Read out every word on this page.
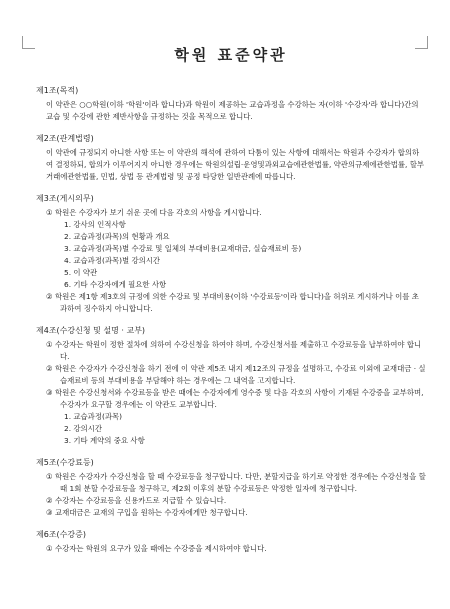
학원 표준약관
제1조(목적)
이 약관은 ○○학원(이하 '학원'이라 합니다)과 학원이 제공하는 교습과정을 수강하는 자(이하 '수강자'라 합니다)간의 교습 및 수강에 관한 제반사항을 규정하는 것을 목적으로 합니다.
제2조(관계법령)
이 약관에 규정되지 아니한 사항 또는 이 약관의 해석에 관하여 다툼이 있는 사항에 대해서는 학원과 수강자가 합의하여 결정하되, 합의가 이루어지지 아니한 경우에는 학원의설립·운영및과외교습에관한법률, 약관의규제에관한법률, 할부거래에관한법률, 민법, 상법 등 관계법령 및 공정 타당한 일반관례에 따릅니다.
제3조(게시의무)
① 학원은 수강자가 보기 쉬운 곳에 다음 각호의 사항을 게시합니다.
1. 강사의 인적사항
2. 교습과정(과목)의 현황과 개요
3. 교습과정(과목)별 수강료 및 일체의 부대비용(교재대금, 실습재료비 등)
4. 교습과정(과목)별 강의시간
5. 이 약관
6. 기타 수강자에게 필요한 사항
② 학원은 제1항 제3호의 규정에 의한 수강료 및 부대비용(이하 '수강료등'이라 합니다)을 허위로 게시하거나 이를 초과하여 징수하지 아니합니다.
제4조(수강신청 및 설명 · 교부)
① 수강자는 학원이 정한 절차에 의하여 수강신청을 하여야 하며, 수강신청서를 제출하고 수강료등을 납부하여야 합니다.
② 학원은 수강자가 수강신청을 하기 전에 이 약관 제5조 내지 제12조의 규정을 설명하고, 수강료 이외에 교재대금 · 실습재료비 등의 부대비용을 부담해야 하는 경우에는 그 내역을 고지합니다.
③ 학원은 수강신청서와 수강료등을 받은 때에는 수강자에게 영수증 및 다음 각호의 사항이 기재된 수강증을 교부하며, 수강자가 요구할 경우에는 이 약관도 교부합니다.
1. 교습과정(과목)
2. 강의시간
3. 기타 계약의 중요 사항
제5조(수강료등)
① 학원은 수강자가 수강신청을 할 때 수강료등을 청구합니다. 다만, 분할지급을 하기로 약정한 경우에는 수강신청을 할 때 1회 분할 수강료등을 청구하고, 제2회 이후의 분할 수강료등은 약정한 일자에 청구합니다.
② 수강자는 수강료등을 신용카드로 지급할 수 있습니다.
③ 교재대금은 교재의 구입을 원하는 수강자에게만 청구합니다.
제6조(수강증)
① 수강자는 학원의 요구가 있을 때에는 수강증을 제시하여야 합니다.
